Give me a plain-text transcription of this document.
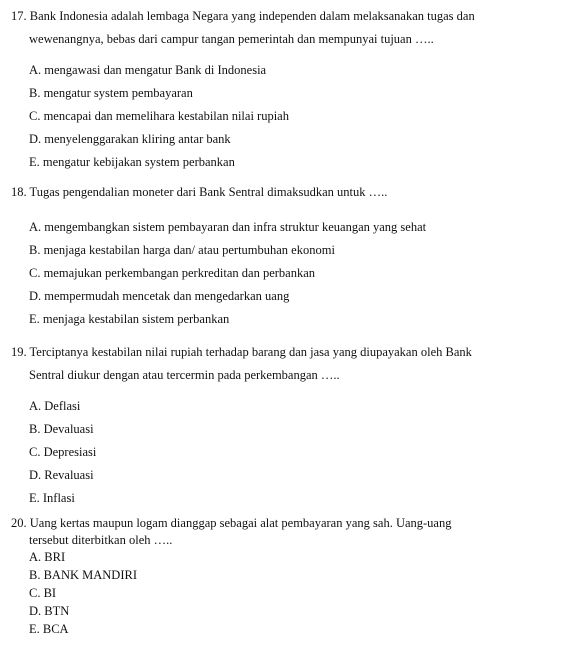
17. Bank Indonesia adalah lembaga Negara yang independen dalam melaksanakan tugas dan
wewenangnya, bebas dari campur tangan pemerintah dan mempunyai tujuan …..
A. mengawasi dan mengatur Bank di Indonesia
B. mengatur system pembayaran
C. mencapai dan memelihara kestabilan nilai rupiah
D. menyelenggarakan kliring antar bank
E. mengatur kebijakan system perbankan
18. Tugas pengendalian moneter dari Bank Sentral dimaksudkan untuk …..
A. mengembangkan sistem pembayaran dan infra struktur keuangan yang sehat
B. menjaga kestabilan harga dan/ atau pertumbuhan ekonomi
C. memajukan perkembangan perkreditan dan perbankan
D. mempermudah mencetak dan mengedarkan uang
E. menjaga kestabilan sistem perbankan
19. Terciptanya kestabilan nilai rupiah terhadap barang dan jasa yang diupayakan oleh Bank
Sentral diukur dengan atau tercermin pada perkembangan …..
A. Deflasi
B. Devaluasi
C. Depresiasi
D. Revaluasi
E. Inflasi
20. Uang kertas maupun logam dianggap sebagai alat pembayaran yang sah. Uang-uang
tersebut diterbitkan oleh …..
A. BRI
B. BANK MANDIRI
C. BI
D. BTN
E. BCA
